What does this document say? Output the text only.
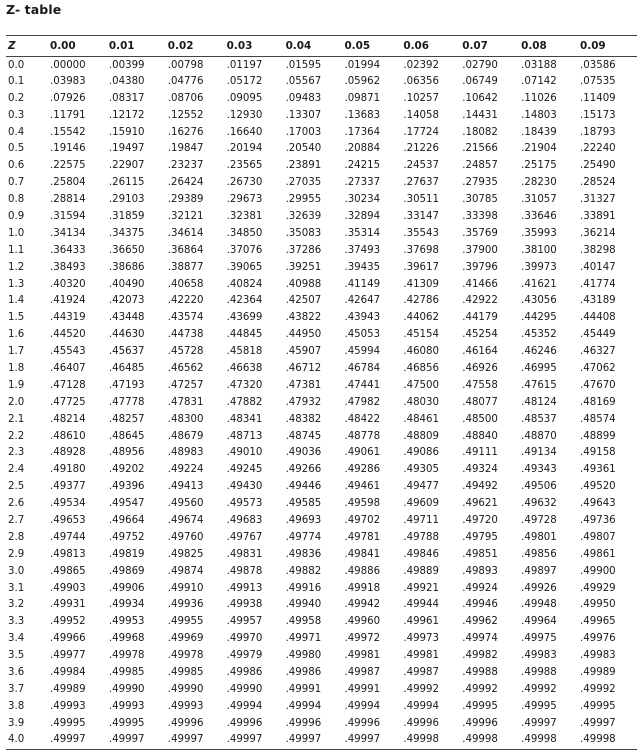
Z- table
Z	0.00	0.01	0.02	0.03	0.04	0.05	0.06	0.07	0.08	0.09
0.0	.00000	.00399	.00798	.01197	.01595	.01994	.02392	.02790	.03188	.03586
0.1	.03983	.04380	.04776	.05172	.05567	.05962	.06356	.06749	.07142	.07535
0.2	.07926	.08317	.08706	.09095	.09483	.09871	.10257	.10642	.11026	.11409
0.3	.11791	.12172	.12552	.12930	.13307	.13683	.14058	.14431	.14803	.15173
0.4	.15542	.15910	.16276	.16640	.17003	.17364	.17724	.18082	.18439	.18793
0.5	.19146	.19497	.19847	.20194	.20540	.20884	.21226	.21566	.21904	.22240
0.6	.22575	.22907	.23237	.23565	.23891	.24215	.24537	.24857	.25175	.25490
0.7	.25804	.26115	.26424	.26730	.27035	.27337	.27637	.27935	.28230	.28524
0.8	.28814	.29103	.29389	.29673	.29955	.30234	.30511	.30785	.31057	.31327
0.9	.31594	.31859	.32121	.32381	.32639	.32894	.33147	.33398	.33646	.33891
1.0	.34134	.34375	.34614	.34850	.35083	.35314	.35543	.35769	.35993	.36214
1.1	.36433	.36650	.36864	.37076	.37286	.37493	.37698	.37900	.38100	.38298
1.2	.38493	.38686	.38877	.39065	.39251	.39435	.39617	.39796	.39973	.40147
1.3	.40320	.40490	.40658	.40824	.40988	.41149	.41309	.41466	.41621	.41774
1.4	.41924	.42073	.42220	.42364	.42507	.42647	.42786	.42922	.43056	.43189
1.5	.44319	.43448	.43574	.43699	.43822	.43943	.44062	.44179	.44295	.44408
1.6	.44520	.44630	.44738	.44845	.44950	.45053	.45154	.45254	.45352	.45449
1.7	.45543	.45637	.45728	.45818	.45907	.45994	.46080	.46164	.46246	.46327
1.8	.46407	.46485	.46562	.46638	.46712	.46784	.46856	.46926	.46995	.47062
1.9	.47128	.47193	.47257	.47320	.47381	.47441	.47500	.47558	.47615	.47670
2.0	.47725	.47778	.47831	.47882	.47932	.47982	.48030	.48077	.48124	.48169
2.1	.48214	.48257	.48300	.48341	.48382	.48422	.48461	.48500	.48537	.48574
2.2	.48610	.48645	.48679	.48713	.48745	.48778	.48809	.48840	.48870	.48899
2.3	.48928	.48956	.48983	.49010	.49036	.49061	.49086	.49111	.49134	.49158
2.4	.49180	.49202	.49224	.49245	.49266	.49286	.49305	.49324	.49343	.49361
2.5	.49377	.49396	.49413	.49430	.49446	.49461	.49477	.49492	.49506	.49520
2.6	.49534	.49547	.49560	.49573	.49585	.49598	.49609	.49621	.49632	.49643
2.7	.49653	.49664	.49674	.49683	.49693	.49702	.49711	.49720	.49728	.49736
2.8	.49744	.49752	.49760	.49767	.49774	.49781	.49788	.49795	.49801	.49807
2.9	.49813	.49819	.49825	.49831	.49836	.49841	.49846	.49851	.49856	.49861
3.0	.49865	.49869	.49874	.49878	.49882	.49886	.49889	.49893	.49897	.49900
3.1	.49903	.49906	.49910	.49913	.49916	.49918	.49921	.49924	.49926	.49929
3.2	.49931	.49934	.49936	.49938	.49940	.49942	.49944	.49946	.49948	.49950
3.3	.49952	.49953	.49955	.49957	.49958	.49960	.49961	.49962	.49964	.49965
3.4	.49966	.49968	.49969	.49970	.49971	.49972	.49973	.49974	.49975	.49976
3.5	.49977	.49978	.49978	.49979	.49980	.49981	.49981	.49982	.49983	.49983
3.6	.49984	.49985	.49985	.49986	.49986	.49987	.49987	.49988	.49988	.49989
3.7	.49989	.49990	.49990	.49990	.49991	.49991	.49992	.49992	.49992	.49992
3.8	.49993	.49993	.49993	.49994	.49994	.49994	.49994	.49995	.49995	.49995
3.9	.49995	.49995	.49996	.49996	.49996	.49996	.49996	.49996	.49997	.49997
4.0	.49997	.49997	.49997	.49997	.49997	.49997	.49998	.49998	.49998	.49998
